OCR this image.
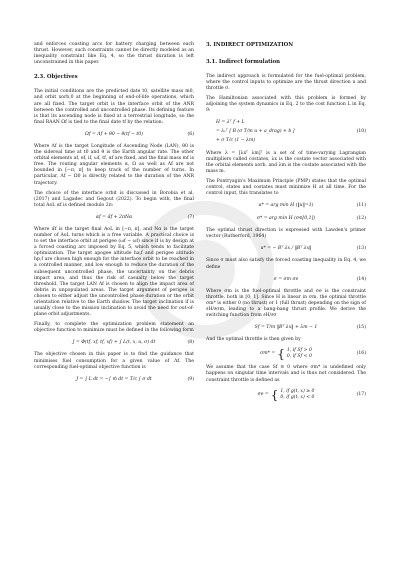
and enforces coasting arcs for battery charging between each thrust. However, such constraints cannot be directly modeled as an inequality constraint like Eq. 4, so the thrust duration is left unconstrained in this paper.

2.3. Objectives

The initial conditions are the predicted date t0, satellite mass m0, and orbit xorb,0 at the beginning of end-of-life operations, which are all fixed. The target orbit is the interface orbit of the ANR between the controlled and uncontrolled phase. Its defining feature is that its ascending node is fixed at a terrestrial longitude, so the final RAAN Ωf is tied to the final date tf by the relation:

Ωf = Λf + θ0 − θ(tf − t0)	(6)

Where Λf is the target Longitude of Ascending Node (LAN), θ0 is the sidereal time at t0 and θ is the Earth angular rate. The other orbital elements af, ef, if, ωf, tf, αf are fixed, and the final mass mf is free. The routing angular elements α, Ω as well as Λf are not bounded in [−π, π] to keep track of the number of turns. In particular, Λf − Ω0 is directly related to the duration of the ANR trajectory.

The choice of the interface orbit is discussed in Borobia et al. (2017) and Lagadec and Gegout (2022). To begin with, the final total AoL αf is defined modulo 2π:

αf = α̃f + 2πNα	(7)

Where α̃f is the target final AoL in [−π, π], and Nα is the target number of AoL turns which is a free variable. A practical choice is to set the interface orbit at perigee (ωf − ωf) since it is by design at a forced coasting arc imposed by Eq. 5, which tends to facilitate optimization. The target apogee altitude ha,f and perigee altitude hp,f are chosen high enough for the interface orbit to be reached in a controlled manner, and low enough to reduce the duration of the subsequent uncontrolled phase, the uncertainty on the debris impact area, and thus the risk of casualty below the target threshold. The target LAN Λf is chosen to align the impact area of debris in unpopulated areas. The target argument of perigee is chosen to either adjust the uncontrolled phase duration or the orbit orientation relative to the Earth shadow. The target inclination if is usually close to the mission inclination to avoid the need for out-of-plane orbit adjustments.

Finally, to complete the optimization problem statement an objective function to minimize must be defined in the following form

J = Φ(tf, xf, tf, xf) + ∫ L(t, x, u, σ) dt	(8)

The objective chosen in this paper is to find the guidance that minimises fuel consumption for a given value of Λf. The corresponding fuel-optimal objective function is

J = ∫ L dt = −∫ ṁ dt = T/c ∫ σ dt	(9)
3. INDIRECT OPTIMIZATION
3.1. Indirect formulation

The indirect approach is formulated for the fuel-optimal problem, where the control inputs to optimize are the thrust direction u and throttle σ.

The Hamiltonian associated with this problem is formed by adjoining the system dynamics in Eq. 2 to the cost function L in Eq. 9:

H = λᵀ f + L
= λᵥᵀ [ B (σ T/m u + a_drag) + b ]	(10)
+ σ T/c (1 − λm)

Where λ = [λxᵀ λm]ᵀ is a set of of time-varying Lagrangian multipliers called costates, λx is the costate vector associated with the orbital elements xorb, and λm is the costate associated with the mass m.

The Pontryagin's Maximum Principle (PMP) states that the optimal control, states and costates must minimize H at all time. For the control input, this translates to

u* = arg min H (‖u‖=1)	(11)
σ* = arg min H (σ∈[0,1])	(12)

The optimal thrust direction is expressed with Lawden's primer vector (Rutherford, 1964)

u* = − Bᵀ λx / ‖Bᵀ λx‖	(13)

Since σ must also satisfy the forced coasting inequality in Eq. 4, we define

σ = σm σe	(14)

Where σm is the fuel-optimal throttle and σe is the constraint throttle, both in [0, 1]. Since H is linear in σm, the optimal throttle σm* is either 0 (no thrust) or 1 (full thrust) depending on the sign of ∂H/∂σm, leading to a bang-bang thrust profile. We derive the switching function from ∂H/∂σ

Sf = T/m ‖Bᵀ λx‖ + λm − 1	(15)

And the optimal throttle is then given by

σm* = { 1, if Sf > 0
0, if Sf < 0
(16)

We assume that the case Sf ≡ 0 where σm* is undefined only happens on singular time intervals and is thus not considered. The constraint throttle is defined as

σe = { 1, if g(t, x) ≥ 0
0, if g(t, x) < 0
(17)
